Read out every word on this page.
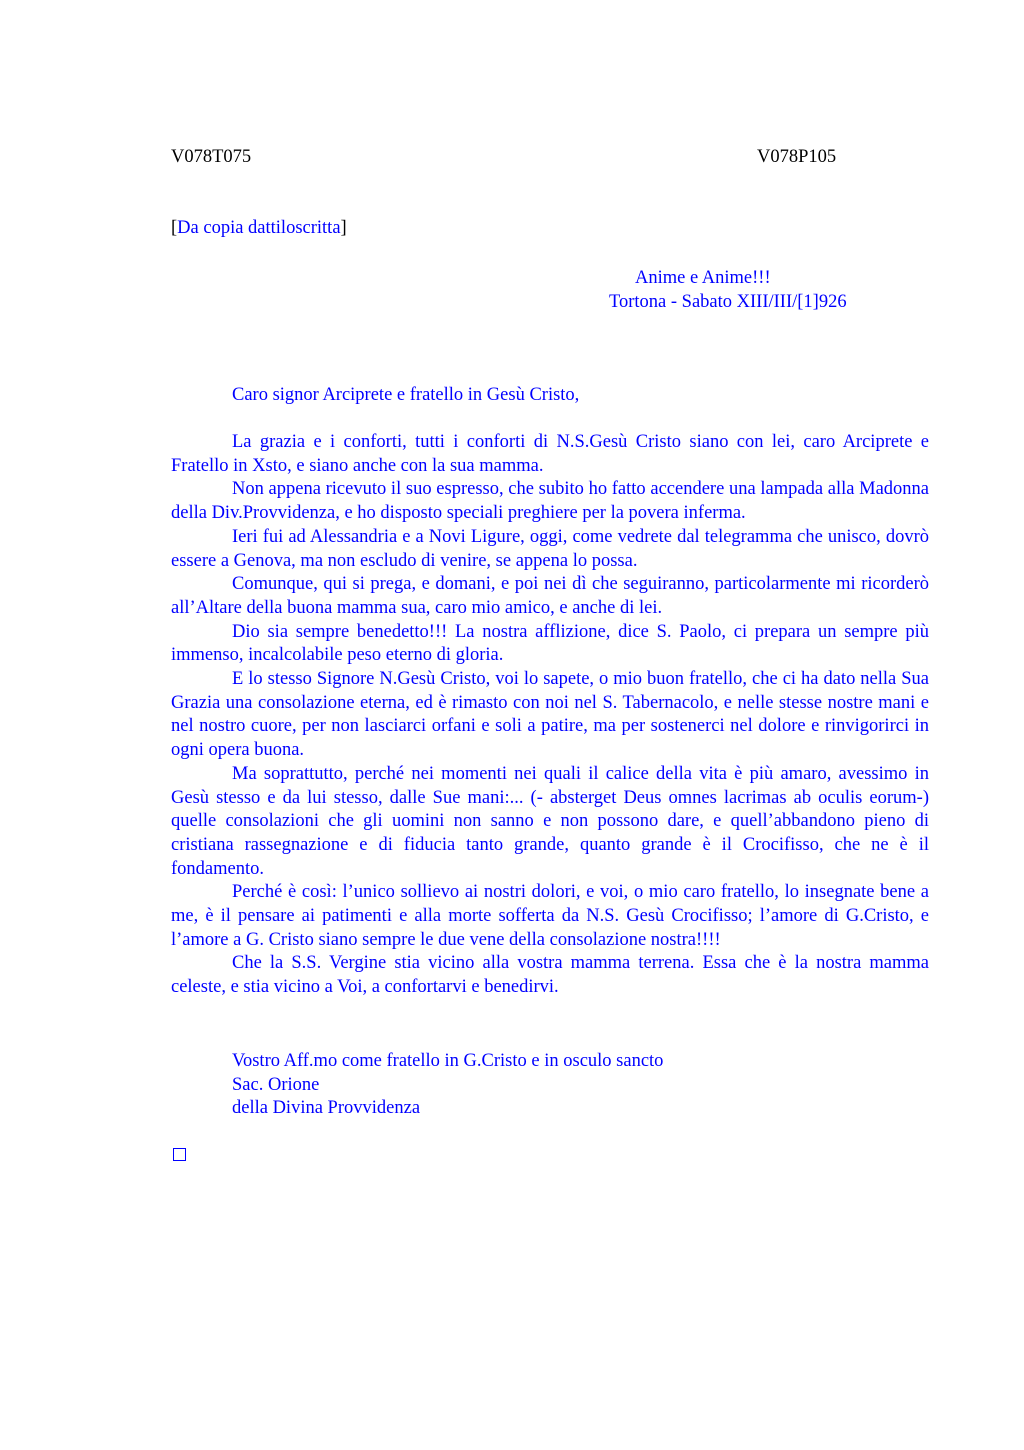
V078T075	V078P105
[Da copia dattiloscritta]
Anime e Anime!!!
Tortona - Sabato XIII/III/[1]926
Caro signor Arciprete e fratello in Gesù Cristo,

La grazia e i conforti, tutti i conforti di N.S.Gesù Cristo siano con lei, caro Arciprete e Fratello in Xsto, e siano anche con la sua mamma.

Non appena ricevuto il suo espresso, che subito ho fatto accendere una lampada alla Madonna della Div.Provvidenza, e ho disposto speciali preghiere per la povera inferma.

Ieri fui ad Alessandria e a Novi Ligure, oggi, come vedrete dal telegramma che unisco, dovrò essere a Genova, ma non escludo di venire, se appena lo possa.

Comunque, qui si prega, e domani, e poi nei dì che seguiranno, particolarmente mi ricorderò all’Altare della buona mamma sua, caro mio amico, e anche di lei.

Dio sia sempre benedetto!!! La nostra afflizione, dice S. Paolo, ci prepara un sempre più immenso, incalcolabile peso eterno di gloria.

E lo stesso Signore N.Gesù Cristo, voi lo sapete, o mio buon fratello, che ci ha dato nella Sua Grazia una consolazione eterna, ed è rimasto con noi nel S. Tabernacolo, e nelle stesse nostre mani e nel nostro cuore, per non lasciarci orfani e soli a patire, ma per sostenerci nel dolore e rinvigorirci in ogni opera buona.

Ma soprattutto, perché nei momenti nei quali il calice della vita è più amaro, avessimo in Gesù stesso e da lui stesso, dalle Sue mani:... (- absterget Deus omnes lacrimas ab oculis eorum-) quelle consolazioni che gli uomini non sanno e non possono dare, e quell’abbandono pieno di cristiana rassegnazione e di fiducia tanto grande, quanto grande è il Crocifisso, che ne è il fondamento.

Perché è così: l’unico sollievo ai nostri dolori, e voi, o mio caro fratello, lo insegnate bene a me, è il pensare ai patimenti e alla morte sofferta da N.S. Gesù Crocifisso; l’amore di G.Cristo, e l’amore a G. Cristo siano sempre le due vene della consolazione nostra!!!!

Che la S.S. Vergine stia vicino alla vostra mamma terrena. Essa che è la nostra mamma celeste, e stia vicino a Voi, a confortarvi e benedirvi.

Vostro Aff.mo come fratello in G.Cristo e in osculo sancto
Sac. Orione
della Divina Provvidenza
